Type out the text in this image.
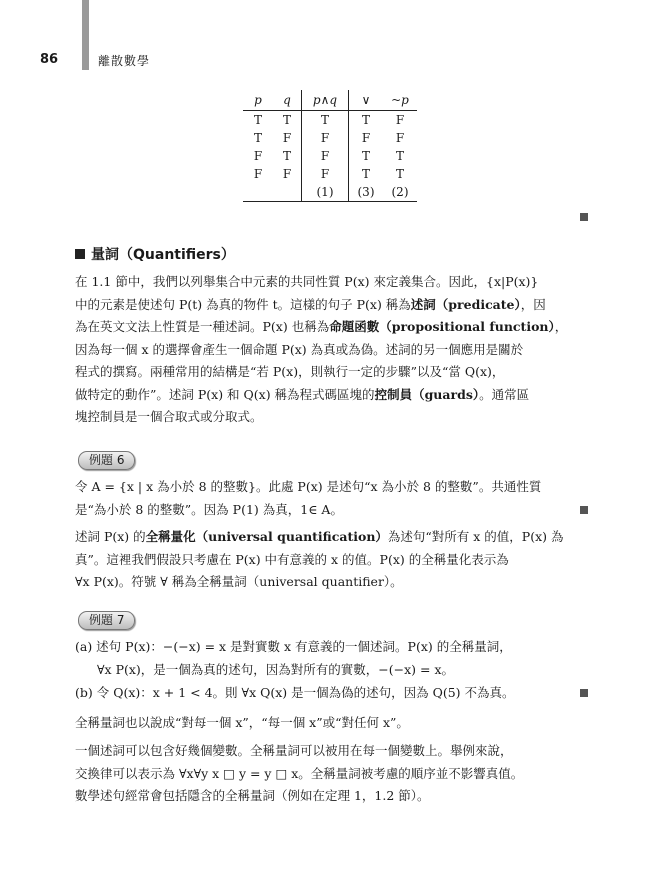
86	離散數學
p	q	p∧q	∨	~p
T	T	T	T	F
T	F	F	F	F
F	T	F	T	T
F	F	F	T	T
		(1)	(3)	(2)
量詞（Quantifiers）
在 1.1 節中，我們以列舉集合中元素的共同性質 P(x) 來定義集合。因此，{x|P(x)}
中的元素是使述句 P(t) 為真的物件 t。這樣的句子 P(x) 稱為述詞（predicate），因
為在英文文法上性質是一種述詞。P(x) 也稱為命題函數（propositional function），
因為每一個 x 的選擇會產生一個命題 P(x) 為真或為偽。述詞的另一個應用是關於
程式的撰寫。兩種常用的結構是“若 P(x)，則執行一定的步驟”以及“當 Q(x)，
做特定的動作”。述詞 P(x) 和 Q(x) 稱為程式碼區塊的控制員（guards）。通常區
塊控制員是一個合取式或分取式。
例題 6
令 A = {x | x 為小於 8 的整數}。此處 P(x) 是述句“x 為小於 8 的整數”。共通性質
是“為小於 8 的整數”。因為 P(1) 為真，1∈ A。
述詞 P(x) 的全稱量化（universal quantification）為述句“對所有 x 的值，P(x) 為
真”。這裡我們假設只考慮在 P(x) 中有意義的 x 的值。P(x) 的全稱量化表示為
∀x P(x)。符號 ∀ 稱為全稱量詞（universal quantifier）。
例題 7
(a) 述句 P(x)：−(−x) = x 是對實數 x 有意義的一個述詞。P(x) 的全稱量詞，
∀x P(x)，是一個為真的述句，因為對所有的實數，−(−x) = x。
(b) 令 Q(x)：x + 1 < 4。則 ∀x Q(x) 是一個為偽的述句，因為 Q(5) 不為真。
全稱量詞也以說成“對每一個 x”，“每一個 x”或“對任何 x”。
一個述詞可以包含好幾個變數。全稱量詞可以被用在每一個變數上。舉例來說，
交換律可以表示為 ∀x∀y x □ y = y □ x。全稱量詞被考慮的順序並不影響真值。
數學述句經常會包括隱含的全稱量詞（例如在定理 1，1.2 節）。
